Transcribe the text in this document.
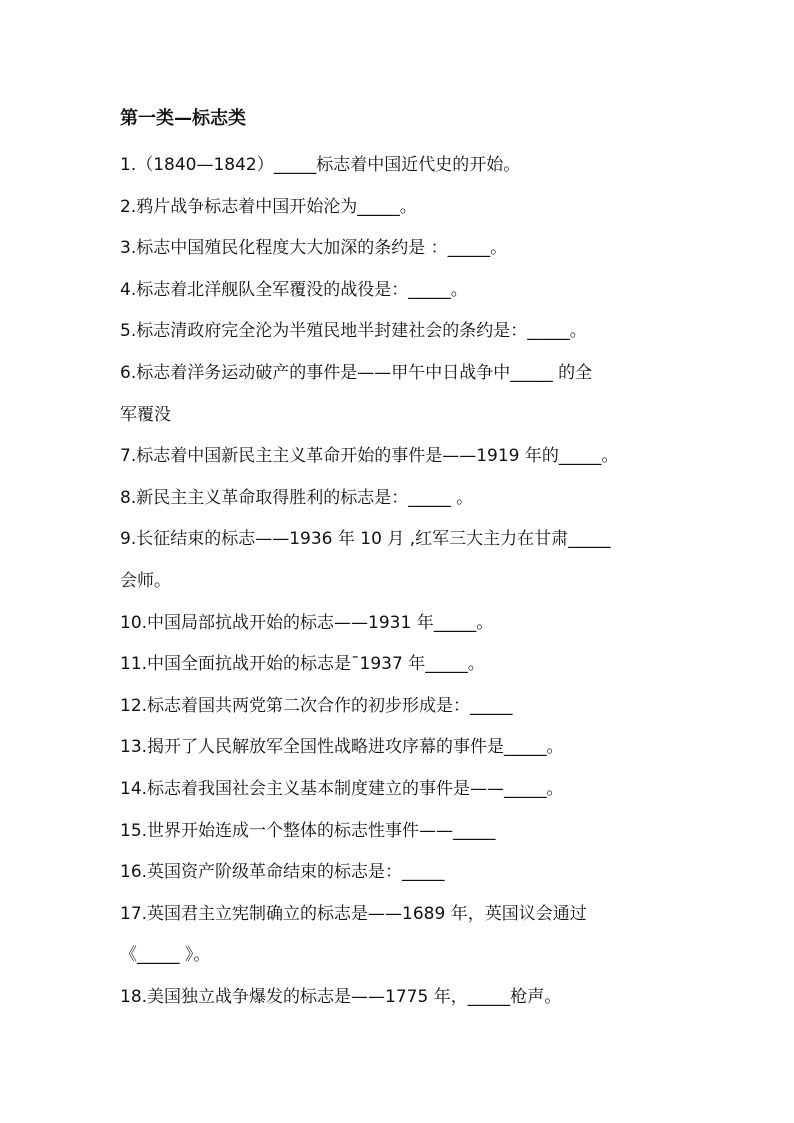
第一类—标志类
1.（1840—1842）_____标志着中国近代史的开始。
2.鸦片战争标志着中国开始沦为_____。
3.标志中国殖民化程度大大加深的条约是 ：_____。
4.标志着北洋舰队全军覆没的战役是：_____。
5.标志清政府完全沦为半殖民地半封建社会的条约是：_____。
6.标志着洋务运动破产的事件是——甲午中日战争中_____ 的全
军覆没
7.标志着中国新民主主义革命开始的事件是——1919 年的_____。
8.新民主主义革命取得胜利的标志是：_____ 。
9.长征结束的标志——1936 年 10 月 ,红军三大主力在甘肃_____
会师。
10.中国局部抗战开始的标志——1931 年_____。
11.中国全面抗战开始的标志是¯1937 年_____。
12.标志着国共两党第二次合作的初步形成是：_____
13.揭开了人民解放军全国性战略进攻序幕的事件是_____。
14.标志着我国社会主义基本制度建立的事件是——_____。
15.世界开始连成一个整体的标志性事件——_____
16.英国资产阶级革命结束的标志是：_____
17.英国君主立宪制确立的标志是——1689 年，英国议会通过
《_____ 》。
18.美国独立战争爆发的标志是——1775 年，_____枪声。
